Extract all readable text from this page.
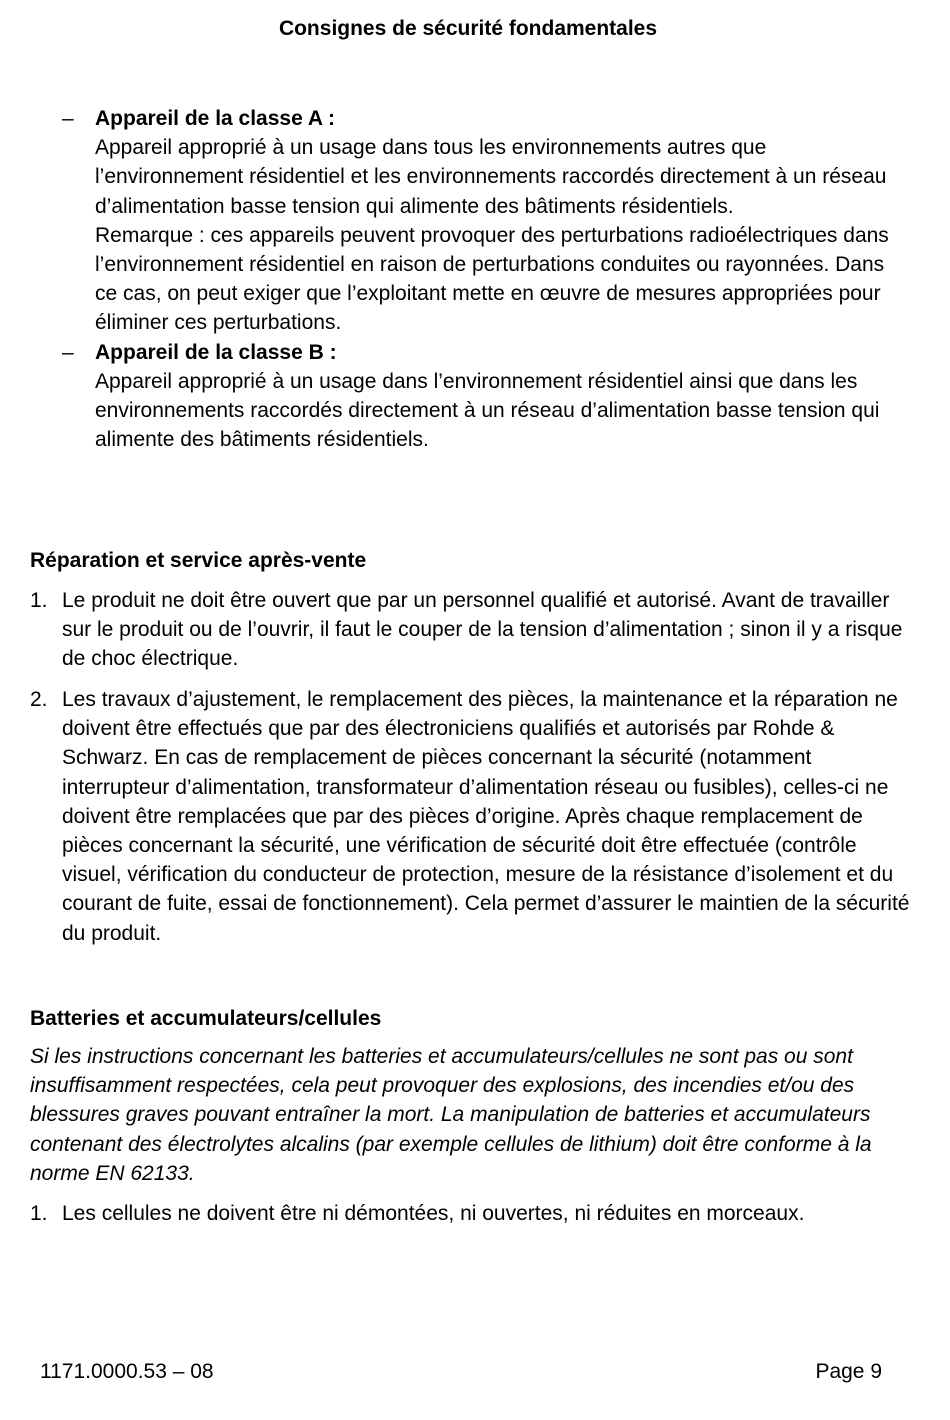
Consignes de sécurité fondamentales
– Appareil de la classe A :

Appareil approprié à un usage dans tous les environnements autres que l’environnement résidentiel et les environnements raccordés directement à un réseau d’alimentation basse tension qui alimente des bâtiments résidentiels.

Remarque : ces appareils peuvent provoquer des perturbations radioélectriques dans l’environnement résidentiel en raison de perturbations conduites ou rayonnées. Dans ce cas, on peut exiger que l’exploitant mette en œuvre de mesures appropriées pour éliminer ces perturbations.

– Appareil de la classe B :

Appareil approprié à un usage dans l’environnement résidentiel ainsi que dans les environnements raccordés directement à un réseau d’alimentation basse tension qui alimente des bâtiments résidentiels.

Réparation et service après-vente
1. Le produit ne doit être ouvert que par un personnel qualifié et autorisé. Avant de travailler sur le produit ou de l’ouvrir, il faut le couper de la tension d’alimentation ; sinon il y a risque de choc électrique.

2. Les travaux d’ajustement, le remplacement des pièces, la maintenance et la réparation ne doivent être effectués que par des électroniciens qualifiés et autorisés par Rohde & Schwarz. En cas de remplacement de pièces concernant la sécurité (notamment interrupteur d’alimentation, transformateur d’alimentation réseau ou fusibles), celles-ci ne doivent être remplacées que par des pièces d’origine. Après chaque remplacement de pièces concernant la sécurité, une vérification de sécurité doit être effectuée (contrôle visuel, vérification du conducteur de protection, mesure de la résistance d’isolement et du courant de fuite, essai de fonctionnement). Cela permet d’assurer le maintien de la sécurité du produit.

Batteries et accumulateurs/cellules

Si les instructions concernant les batteries et accumulateurs/cellules ne sont pas ou sont insuffisamment respectées, cela peut provoquer des explosions, des incendies et/ou des blessures graves pouvant entraîner la mort. La manipulation de batteries et accumulateurs contenant des électrolytes alcalins (par exemple cellules de lithium) doit être conforme à la norme EN 62133.

1. Les cellules ne doivent être ni démontées, ni ouvertes, ni réduites en morceaux.

1171.0000.53 – 08	Page 9
